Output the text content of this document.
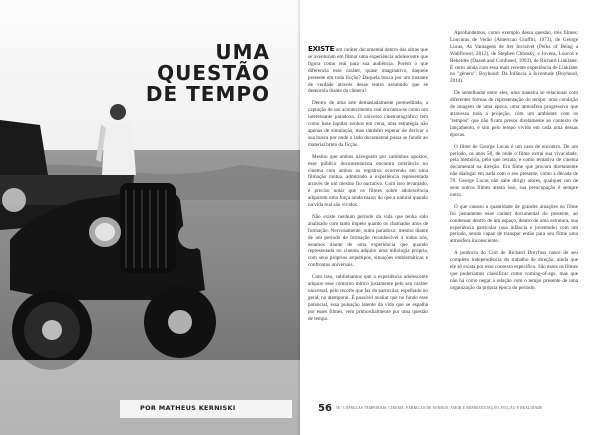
UMA
QUESTÃO
DE TEMPO
POR MATHEUS KERNISKI

EXISTE um caráter documental dentro das obras que se aventuram em filmar uma experiência adolescente que figura como real para sua audiência. Porém o que diferencia esse caráter, quase imaginativo, daquele presente em toda ficção? Daquela busca por um instante de verdade através desse teatro assumido que se desenrola diante da câmera?

Dentro de uma arte demasiadamente premeditada, a captação de um acontecimento real encontra-se como um interessante paradoxo. O universo cinematográfico tem como base lapidar sonhos em cena, uma estratégia não apenas de simulação, mas também esperar de derivar a sua busca por onde o lado documental possa se fundir ao material bruto da ficção.

Mesmo que ambos naveguem por caminhos opostos, esse público documentarista encontra tolerância no cinema com ambos os registros ocorrendo em uma filmação mútua, admitindo a experiência representada através de um mesmo fio narrativo. Com isso levantado, é preciso notar que os filmes sobre adolescência adquirem uma força ainda maior do que a natural quando na vida real são vividos.

Não existe nenhum período da vida que tenha sido analisado com tanto ímpeto quanto os chamados anos de formação. Nervosamente, outra paradoxo: mesmo diante de um período de formação reconhecível a todos nós, estamos diante de uma experiência que quando representada no cinema adquire uma mitologia própria, com seus próprios arquétipos, situações emblemáticas e confrontos universais.

Com isso, sublinhamos que a experiência adolescente adquire esse contorno mítico justamente pelo seu caráter universal, pelo recorte que faz do particular, espelhado no geral, no atemporal. É possível avaliar que no fundo esse potencial, essa pulsação latente da vida que se espalha por esses filmes, vem primordialmente por uma questão de tempo.

Aprofundemos, como exemplo dessa questão, três filmes: Loucuras de Verão (American Graffiti, 1973), de George Lucas, As Vantagens de Ser Invisível (Perks of Being a Wallflower, 2012), de Stephen Chbosky, e Jovens, Loucos e Rebeldes (Dazed and Confused, 1993), de Richard Linklater. É certo ainda com essa mais recente experiência de Linklater no "gênero": Boyhood: Da Infância à Juventude (Boyhood, 2014).

De semelhante entre eles, uma maneira se relacionar com diferentes formas de representação do tempo: uma condição de imagem de uma época, uma atmosfera progressiva que atravessa toda a projeção, com um ambiente com os "tempos" que não ficam presos diretamente ao contexto de lançamento, e sim pelo tempo vivido em cada uma dessas épocas.

O filme de George Lucas é um caso de encontro. De um período, os anos 50, de onde o filme extrai sua vivacidade, pela memória, pelo que retrata, e como tentativa de cinema documental na direção. Era filme que procura diretamente não dialogar em nada com o seu presente, como a década de 70. George Lucas não sabe dirigir atores, qualquer um de seus outros filmes atesta isso, sua preocupação é sempre outra.

O que causou a quantidade de grandes atuações no filme foi justamente esse caráter documental do presente, ao condensar dentro de um espaço, dentro de uma estrutura, sua experiência particular (sua infância e juventude) com um período, sendo capaz de transpor então para seu filme uma atmosfera inconsciente.

A potência do Curt de Richard Dreyfuss nasce de seu completo independência do trabalho de direção, ainda que ele só exista por esse contexto específico. São esses os filmes que poderíamos classificar como coming-of-age, mas que não há como negar a relação com o tempo presente de uma organização da própria época do período.

56 56 | CÁPSULAS TEMPORAIS, CINEMA, FÁBRICAS DE SONHOS, AMOR E REPRESENTAÇÃO, FICÇÃO E REALIDADE
